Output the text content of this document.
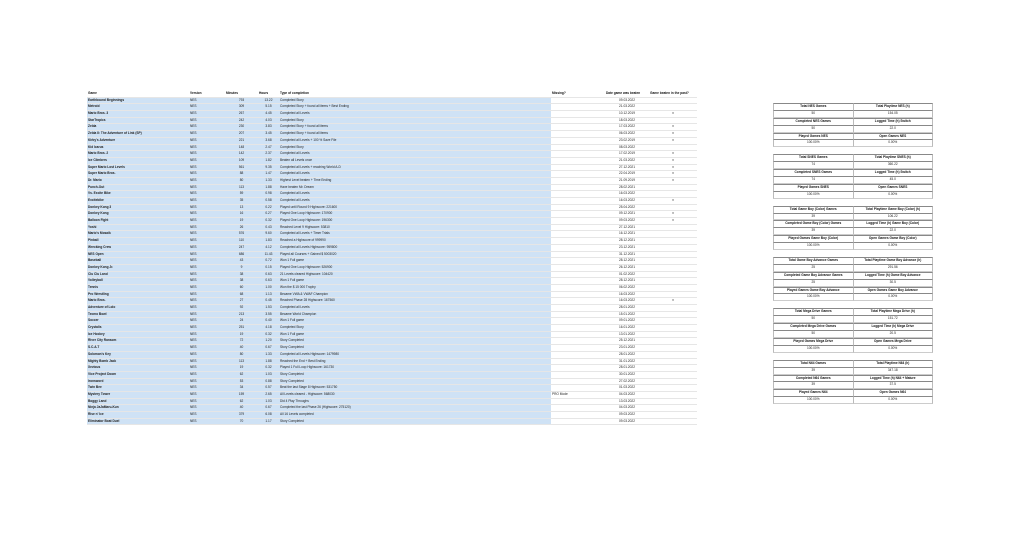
Game	Version	Minutes	Hours	Type of completion	Missing?	Date game was beaten	Game beaten in the past?
Earthbound Beginnings	NES	793	13.22	Completed Story		09.03.2022	
Metroid	NES	309	5.15	Completed Story + found all items + Best Ending		21.03.2022	
Mario Bros. 3	NES	267	4.45	Completed all Levels		10.12.2019	x
StarTropics	NES	242	4.03	Completed Story		18.03.2022	
Zelda	NES	230	3.83	Completed Story + found all items		17.03.2022	x
Zelda II: The Adventure of Link (SP)	NES	207	3.45	Completed Story + found all items		06.03.2022	x
Kirby's Adventure	NES	221	3.68	Completed all Levels + 100 % Save File		23.02.2019	x
Kid Icarus	NES	148	2.47	Completed Story		08.03.2022	
Mario Bros. 2	NES	142	2.37	Completed all Levels		17.02.2019	x
Ice Climbers	NES	109	1.82	Beaten all Levels once		21.03.2022	x
Super Mario Lost Levels	NES	561	9.35	Completed all Levels + reaching World A-D		27.12.2021	x
Super Mario Bros.	NES	88	1.47	Completed all Levels		22.04.2019	x
Dr. Mario	NES	80	1.33	Highest Level beaten + Time Ending		21.09.2019	x
Punch-Out	NES	113	1.88	Have beaten Mr. Dream		28.02.2021	
Vs. Excite Bike	NES	59	0.98	Completed all Levels		16.03.2022	
Excitebike	NES	35	0.58	Completed all Levels		16.03.2022	x
Donkey Kong 3	NES	13	0.22	Played until Round 9 Highscore: 221600		25.04.2022	
Donkey Kong	NES	16	0.27	Played One Loop Highscore: 170900		09.12.2021	x
Balloon Fight	NES	19	0.32	Played One Loop Highscore: 196300		09.03.2022	x
Yoshi	NES	26	0.43	Reached Level 9 Highscore: 53810		27.12.2021	
Mario's Mosaik	NES	576	9.60	Completed all Levels + Timer Trials		16.12.2021	
Pinball	NES	110	1.83	Reached a Highscore of 999990		28.12.2021	
Wrecking Crew	NES	247	4.12	Completed all Levels Highscore: 959800		23.12.2021	
NES Open	NES	686	11.43	Played all Courses + Gained $ 5003020		31.12.2021	
Baseball	NES	43	0.72	Won 1 Full game		28.12.2021	
Donkey Kong Jr.	NES	9	0.15	Played One Loop Highscore: 526900		26.12.2021	
Clu Clu Land	NES	38	0.63	21 Levels cleared Highscore: 104420		01.02.2022	
Volleyball	NES	38	0.63	Won 1 Full game		28.12.2021	
Tennis	NES	60	1.00	Won the $ 15 000 Trophy		06.02.2022	
Pro Wrestling	NES	68	1.13	Became VWA & VWAF Champion		16.03.2022	
Mario Bros.	NES	27	0.45	Reached Phase 28 Highscore: 167560		16.03.2022	x
Adventure of Lolo	NES	92	1.53	Completed all Levels		28.01.2022	
Tecmo Bowl	NES	213	3.55	Became World Champion		15.01.2022	
Soccer	NES	24	0.40	Won 1 Full game		09.01.2022	
Crystalis	NES	251	4.18	Completed Story		16.01.2022	
Ice Hockey	NES	19	0.32	Won 1 Full game		13.01.2022	
River City Ransom	NES	72	1.20	Story Completed		25.12.2021	
S.C.A.T	NES	40	0.67	Story Completed		23.01.2022	
Solomon's Key	NES	80	1.33	Completed all Levels Highscore: 1479980		28.01.2022	
Mighty Bomb Jack	NES	113	1.88	Reached the End + Best Ending		31.01.2022	
Xevious	NES	19	0.32	Played 1 Full Loop Highscore: 161730		28.01.2022	
Vice Project Doom	NES	62	1.03	Story Completed		30.01.2022	
Ironsword	NES	53	0.88	Story Completed		27.02.2022	
Twin Bee	NES	34	0.57	Beat the last Stage 8 Highscore: 531750		01.03.2022	
Mystery Tower	NES	159	2.65	All Levels cleared - Highscore: 568030	PRO Mode	04.03.2022	
Boggy Land	NES	62	1.03	Did 4 Play Throughs		13.03.2022	
Ninja JaJaMaru-Kun	NES	40	0.67	Completed the last Phase 26 (Highscore: 275120)		04.03.2022	
Rise n' Ice	NES	379	6.08	All 16 Levels completed		09.03.2022	
Eliminator Boat Duel	NES	70	1.17	Story Completed		09.03.2022	
Total NES Games	Total Playtime NES (h)
50	154.05
Completed NES Games	Logged Time (h) Switch
50	22.0
Played Games NES	Open Games NES
100.00%	0.00%
Total SNES Games	Total Playtime SNES (h)
74	360.22
Completed SNES Games	Logged Time (h) Switch
74	45.0
Played Games SNES	Open Games SNES
100.00%	0.00%
Total Game Boy (Color) Games	Total Playtime Game Boy (Color) (h)
39	106.22
Completed Game Boy (Color) Games	Logged Time (h) Game Boy (Color)
39	22.0
Played Games Game Boy (Color)	Open Games Game Boy (Color)
100.00%	0.00%
Total Game Boy Advance Games	Total Playtime Game Boy Advance (h)
25	291.56
Completed Game Boy Advance Games	Logged Time (h) Game Boy Advance
25	30.5
Played Games Game Boy Advance	Open Games Game Boy Advance
100.00%	0.00%
Total Mega Drive Games	Total Playtime Mega Drive (h)
50	151.72
Completed Mega Drive Games	Logged Time (h) Mega Drive
50	20.5
Played Games Mega Drive	Open Games Mega Drive
100.00%	0.00%
Total N64 Games	Total Playtime N64 (h)
39	347.18
Completed N64 Games	Logged Time (h) N64 + Mature
39	37.5
Played Games N64	Open Games N64
100.00%	0.00%
